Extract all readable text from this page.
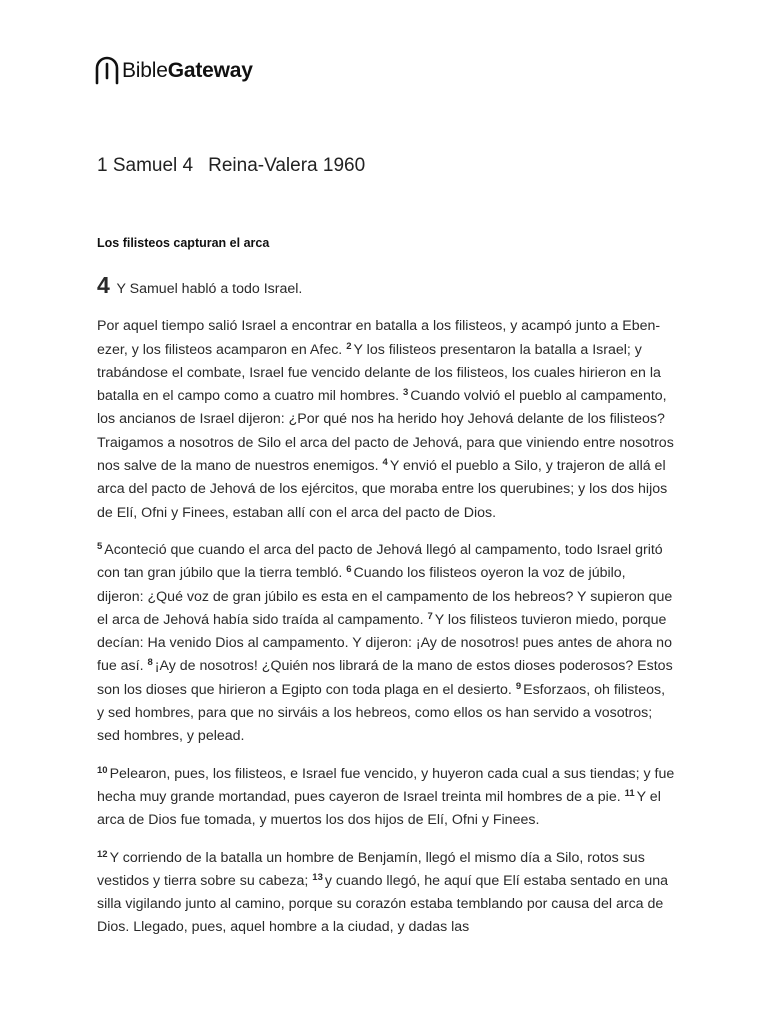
BibleGateway
1 Samuel 4 Reina-Valera 1960
Los filisteos capturan el arca

4 Y Samuel habló a todo Israel.

Por aquel tiempo salió Israel a encontrar en batalla a los filisteos, y acampó junto a Eben-ezer, y los filisteos acamparon en Afec. $^2$ Y los filisteos presentaron la batalla a Israel; y trabándose el combate, Israel fue vencido delante de los filisteos, los cuales hirieron en la batalla en el campo como a cuatro mil hombres. $^3$ Cuando volvió el pueblo al campamento, los ancianos de Israel dijeron: ¿Por qué nos ha herido hoy Jehová delante de los filisteos? Traigamos a nosotros de Silo el arca del pacto de Jehová, para que viniendo entre nosotros nos salve de la mano de nuestros enemigos. $^4$ Y envió el pueblo a Silo, y trajeron de allá el arca del pacto de Jehová de los ejércitos, que moraba entre los querubines; y los dos hijos de Elí, Ofni y Finees, estaban allí con el arca del pacto de Dios.

$^5$ Aconteció que cuando el arca del pacto de Jehová llegó al campamento, todo Israel gritó con tan gran júbilo que la tierra tembló. $^6$ Cuando los filisteos oyeron la voz de júbilo, dijeron: ¿Qué voz de gran júbilo es esta en el campamento de los hebreos? Y supieron que el arca de Jehová había sido traída al campamento. $^7$ Y los filisteos tuvieron miedo, porque decían: Ha venido Dios al campamento. Y dijeron: ¡Ay de nosotros! pues antes de ahora no fue así. $^8$ ¡Ay de nosotros! ¿Quién nos librará de la mano de estos dioses poderosos? Estos son los dioses que hirieron a Egipto con toda plaga en el desierto. $^9$ Esforzaos, oh filisteos, y sed hombres, para que no sirváis a los hebreos, como ellos os han servido a vosotros; sed hombres, y pelead.

$^{10}$ Pelearon, pues, los filisteos, e Israel fue vencido, y huyeron cada cual a sus tiendas; y fue hecha muy grande mortandad, pues cayeron de Israel treinta mil hombres de a pie. $^{11}$ Y el arca de Dios fue tomada, y muertos los dos hijos de Elí, Ofni y Finees.

$^{12}$ Y corriendo de la batalla un hombre de Benjamín, llegó el mismo día a Silo, rotos sus vestidos y tierra sobre su cabeza; $^{13}$ y cuando llegó, he aquí que Elí estaba sentado en una silla vigilando junto al camino, porque su corazón estaba temblando por causa del arca de Dios. Llegado, pues, aquel hombre a la ciudad, y dadas las
